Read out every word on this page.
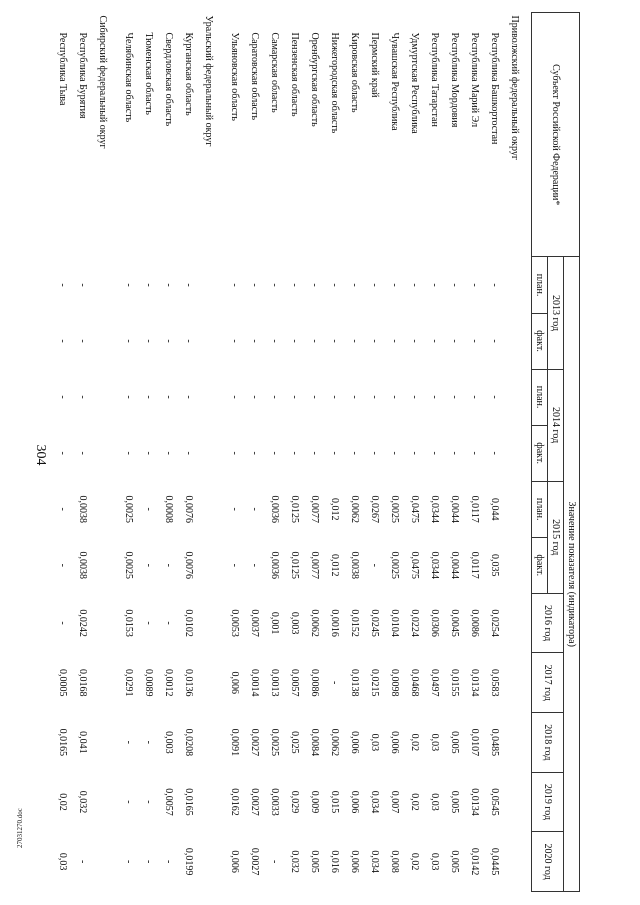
304
27031270.doc
Субъект Российской Федерации*	Значение показателя (индикатора)										
	2013 год		2014 год		2015 год		2016 год	2017 год	2018 год	2019 год	2020 год
	план.	факт.	план.	факт.	план.	факт.					
Приволжский федеральный округ											
Республика Башкортостан	-	-	-	-	0,044	0,035	0,0254	0,0583	0,0485	0,0545	0,0445
Республика Марий Эл	-	-	-	-	0,0117	0,0117	0,0086	0,0134	0,0107	0,0134	0,0142
Республика Мордовия	-	-	-	-	0,0044	0,0044	0,0045	0,0155	0,005	0,005	0,005
Республика Татарстан	-	-	-	-	0,0344	0,0344	0,0306	0,0497	0,03	0,03	0,03
Удмуртская Республика	-	-	-	-	0,0475	0,0475	0,0224	0,0468	0,02	0,02	0,02
Чувашская Республика	-	-	-	-	0,0025	0,0025	0,0104	0,0098	0,006	0,007	0,008
Пермский край	-	-	-	-	0,0267	-	0,0245	0,0215	0,03	0,034	0,034
Кировская область	-	-	-	-	0,0062	0,0038	0,0152	0,0138	0,006	0,006	0,006
Нижегородская область	-	-	-	-	0,012	0,012	0,0016	-	0,0062	0,015	0,016
Оренбургская область	-	-	-	-	0,0077	0,0077	0,0062	0,0086	0,0084	0,009	0,005
Пензенская область	-	-	-	-	0,0125	0,0125	0,003	0,0057	0,025	0,029	0,032
Самарская область	-	-	-	-	0,0036	0,0036	0,001	0,0013	0,0025	0,0033	-
Саратовская область	-	-	-	-	-	-	0,0037	0,0014	0,0027	0,0027	0,0027
Ульяновская область	-	-	-	-	-	-	0,0053	0,006	0,0091	0,0162	0,006
Уральский федеральный округ											
Курганская область	-	-	-	-	0,0076	0,0076	0,0102	0,0136	0,0208	0,0165	0,0199
Свердловская область	-	-	-	-	0,0008	-	-	0,0012	0,003	0,0057	-
Тюменская область	-	-	-	-	-	-	-	0,0089	-	-	-
Челябинская область	-	-	-	-	0,0025	0,0025	0,0153	0,0291	-	-	-
Сибирский федеральный округ											
Республика Бурятия	-	-	-	-	0,0038	0,0038	0,0242	0,0168	0,041	0,032	-
Республика Тыва	-	-	-	-	-	-	-	0,0005	0,0165	0,02	0,03
